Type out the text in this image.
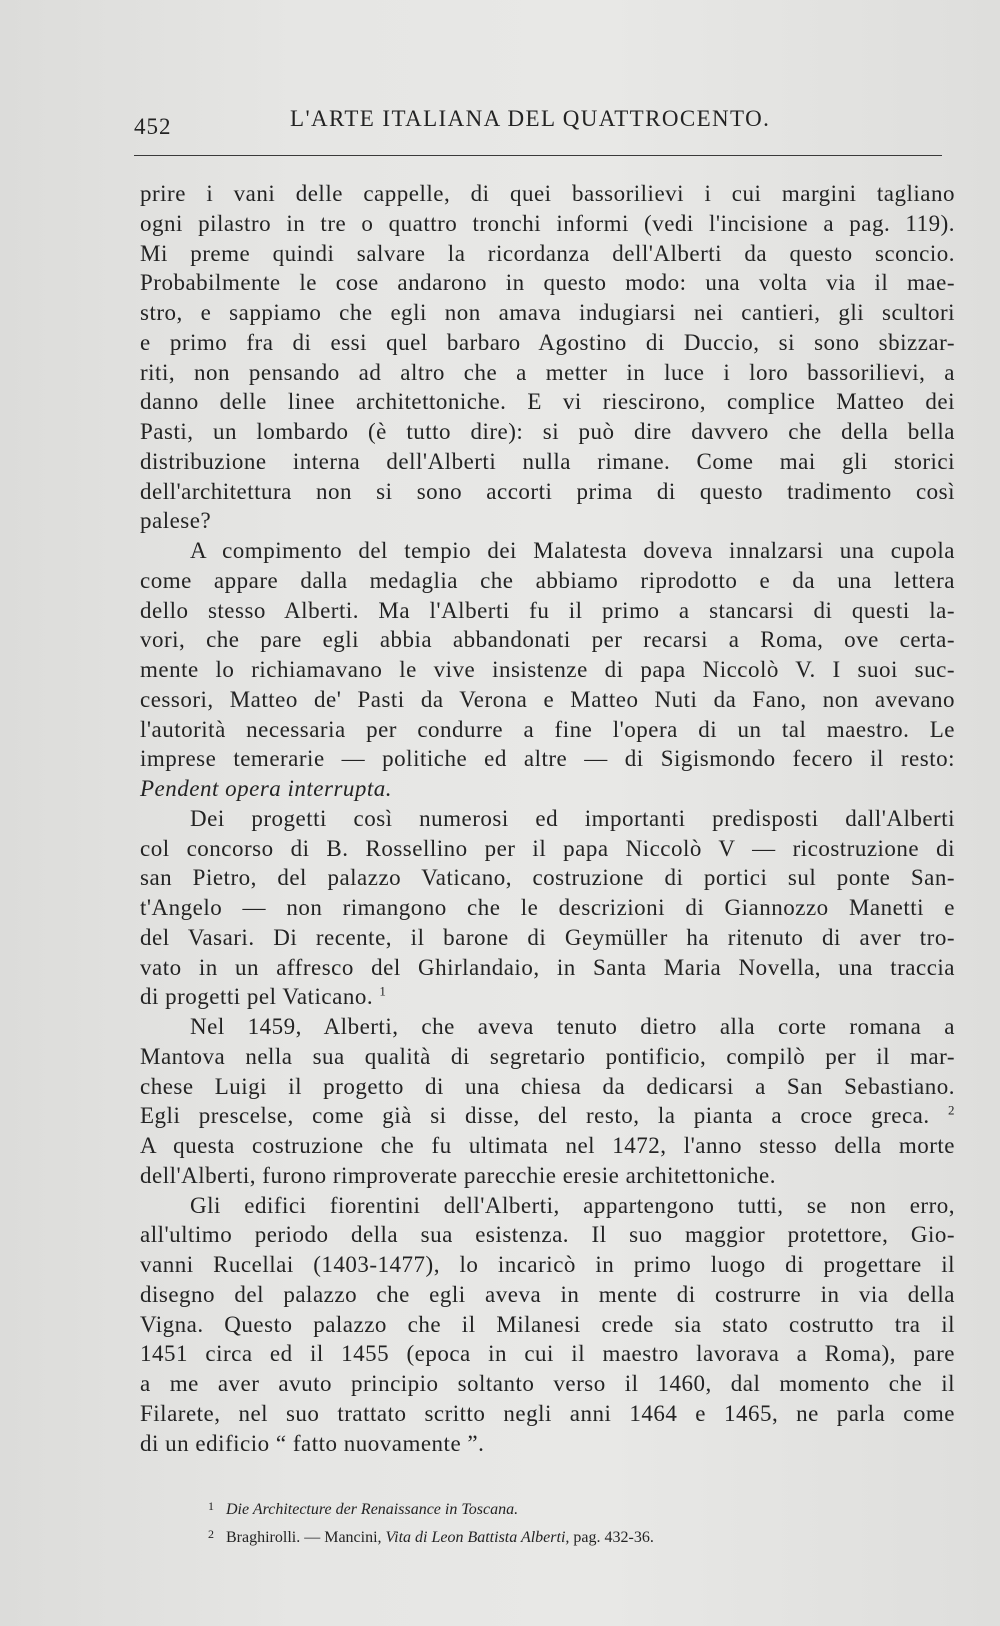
452	L'ARTE ITALIANA DEL QUATTROCENTO.
prire i vani delle cappelle, di quei bassorilievi i cui margini tagliano
ogni pilastro in tre o quattro tronchi informi (vedi l'incisione a pag. 119).
Mi preme quindi salvare la ricordanza dell'Alberti da questo sconcio.
Probabilmente le cose andarono in questo modo: una volta via il mae-
stro, e sappiamo che egli non amava indugiarsi nei cantieri, gli scultori
e primo fra di essi quel barbaro Agostino di Duccio, si sono sbizzar-
riti, non pensando ad altro che a metter in luce i loro bassorilievi, a
danno delle linee architettoniche. E vi riescirono, complice Matteo dei
Pasti, un lombardo (è tutto dire): si può dire davvero che della bella
distribuzione interna dell'Alberti nulla rimane. Come mai gli storici
dell'architettura non si sono accorti prima di questo tradimento così
palese?
A compimento del tempio dei Malatesta doveva innalzarsi una cupola
come appare dalla medaglia che abbiamo riprodotto e da una lettera
dello stesso Alberti. Ma l'Alberti fu il primo a stancarsi di questi la-
vori, che pare egli abbia abbandonati per recarsi a Roma, ove certa-
mente lo richiamavano le vive insistenze di papa Niccolò V. I suoi suc-
cessori, Matteo de' Pasti da Verona e Matteo Nuti da Fano, non avevano
l'autorità necessaria per condurre a fine l'opera di un tal maestro. Le
imprese temerarie — politiche ed altre — di Sigismondo fecero il resto:
Pendent opera interrupta.
Dei progetti così numerosi ed importanti predisposti dall'Alberti
col concorso di B. Rossellino per il papa Niccolò V — ricostruzione di
san Pietro, del palazzo Vaticano, costruzione di portici sul ponte San-
t'Angelo — non rimangono che le descrizioni di Giannozzo Manetti e
del Vasari. Di recente, il barone di Geymüller ha ritenuto di aver tro-
vato in un affresco del Ghirlandaio, in Santa Maria Novella, una traccia
di progetti pel Vaticano. $^1$
Nel 1459, Alberti, che aveva tenuto dietro alla corte romana a
Mantova nella sua qualità di segretario pontificio, compilò per il mar-
chese Luigi il progetto di una chiesa da dedicarsi a San Sebastiano.
Egli prescelse, come già si disse, del resto, la pianta a croce greca. $^2$
A questa costruzione che fu ultimata nel 1472, l'anno stesso della morte
dell'Alberti, furono rimproverate parecchie eresie architettoniche.
Gli edifici fiorentini dell'Alberti, appartengono tutti, se non erro,
all'ultimo periodo della sua esistenza. Il suo maggior protettore, Gio-
vanni Rucellai (1403-1477), lo incaricò in primo luogo di progettare il
disegno del palazzo che egli aveva in mente di costrurre in via della
Vigna. Questo palazzo che il Milanesi crede sia stato costrutto tra il
1451 circa ed il 1455 (epoca in cui il maestro lavorava a Roma), pare
a me aver avuto principio soltanto verso il 1460, dal momento che il
Filarete, nel suo trattato scritto negli anni 1464 e 1465, ne parla come
di un edificio “ fatto nuovamente ”.
1 Die Architecture der Renaissance in Toscana.
2 Braghirolli. — Mancini, Vita di Leon Battista Alberti, pag. 432-36.
